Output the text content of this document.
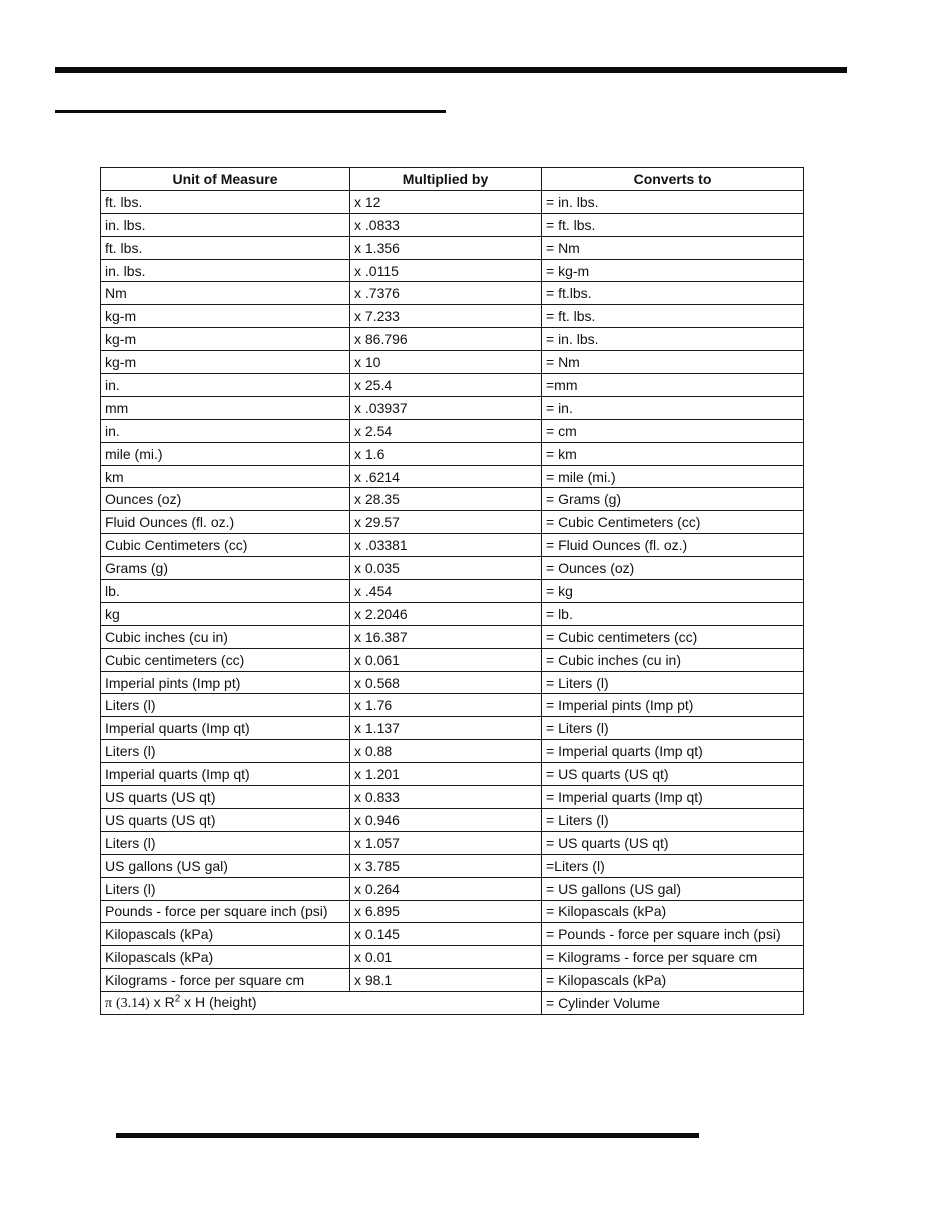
Unit of Measure	Multiplied by	Converts to
ft. lbs.	x 12	= in. lbs.
in. lbs.	x .0833	= ft. lbs.
ft. lbs.	x 1.356	= Nm
in. lbs.	x .0115	= kg-m
Nm	x .7376	= ft.lbs.
kg-m	x 7.233	= ft. lbs.
kg-m	x 86.796	= in. lbs.
kg-m	x 10	= Nm
in.	x 25.4	=mm
mm	x .03937	= in.
in.	x 2.54	= cm
mile (mi.)	x 1.6	= km
km	x .6214	= mile (mi.)
Ounces (oz)	x 28.35	= Grams (g)
Fluid Ounces (fl. oz.)	x 29.57	= Cubic Centimeters (cc)
Cubic Centimeters (cc)	x .03381	= Fluid Ounces (fl. oz.)
Grams (g)	x 0.035	= Ounces (oz)
lb.	x .454	= kg
kg	x 2.2046	= lb.
Cubic inches (cu in)	x 16.387	= Cubic centimeters (cc)
Cubic centimeters (cc)	x 0.061	= Cubic inches (cu in)
Imperial pints (Imp pt)	x 0.568	= Liters (l)
Liters (l)	x 1.76	= Imperial pints (Imp pt)
Imperial quarts (Imp qt)	x 1.137	= Liters (l)
Liters (l)	x 0.88	= Imperial quarts (Imp qt)
Imperial quarts (Imp qt)	x 1.201	= US quarts (US qt)
US quarts (US qt)	x 0.833	= Imperial quarts (Imp qt)
US quarts (US qt)	x 0.946	= Liters (l)
Liters (l)	x 1.057	= US quarts (US qt)
US gallons (US gal)	x 3.785	=Liters (l)
Liters (l)	x 0.264	= US gallons (US gal)
Pounds - force per square inch (psi)	x 6.895	= Kilopascals (kPa)
Kilopascals (kPa)	x 0.145	= Pounds - force per square inch (psi)
Kilopascals (kPa)	x 0.01	= Kilograms - force per square cm
Kilograms - force per square cm	x 98.1	= Kilopascals (kPa)
π (3.14) x $R^2$ x H (height)		= Cylinder Volume
